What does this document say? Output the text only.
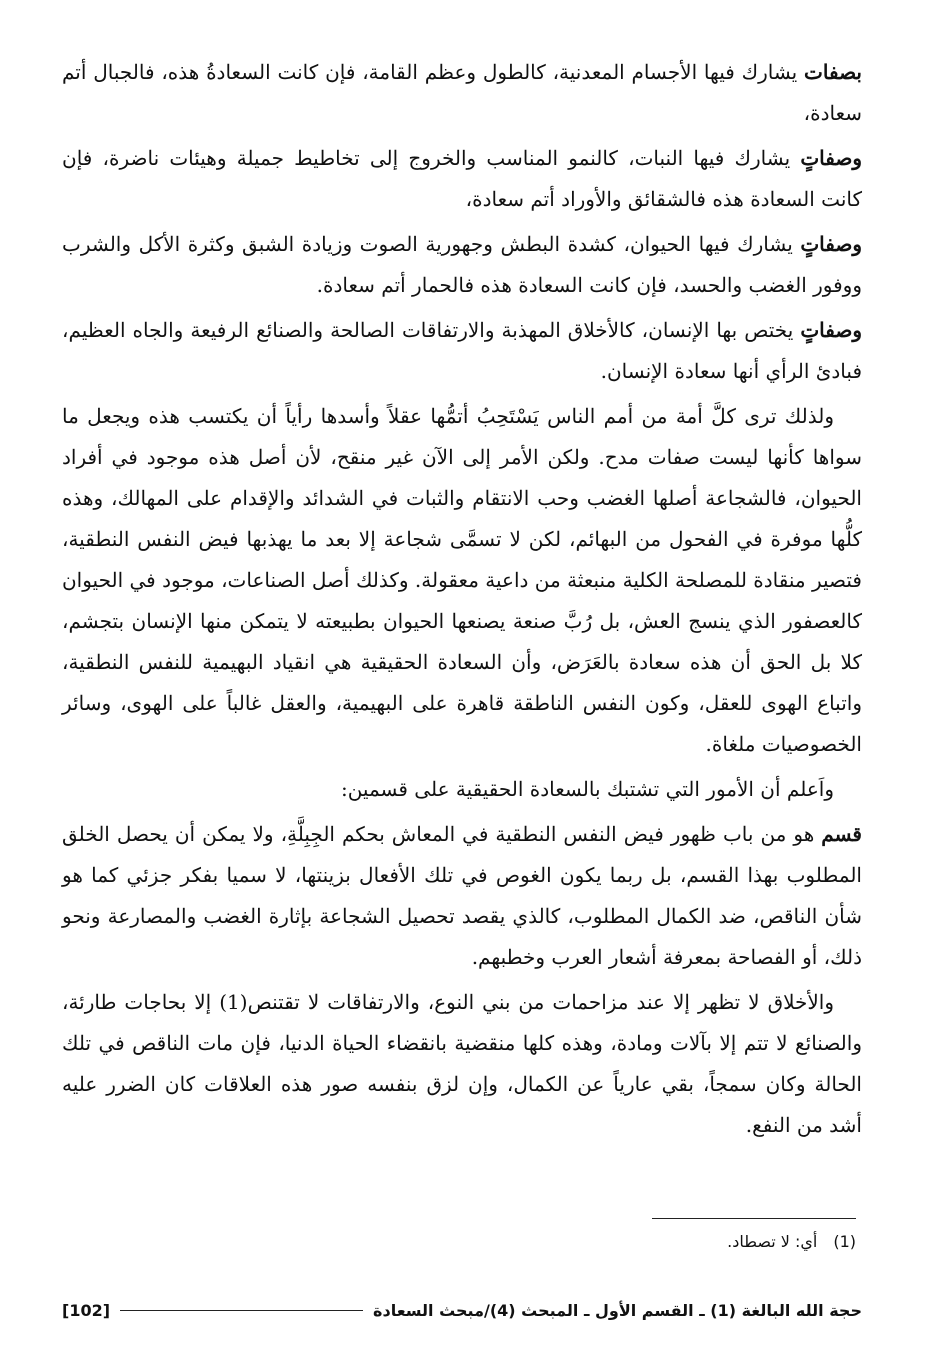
بصفات يشارك فيها الأجسام المعدنية، كالطول وعظم القامة، فإن كانت السعادةُ هذه، فالجبال أتم سعادة،

وصفاتٍ يشارك فيها النبات، كالنمو المناسب والخروج إلى تخاطيط جميلة وهيئات ناضرة، فإن كانت السعادة هذه فالشقائق والأوراد أتم سعادة،

وصفاتٍ يشارك فيها الحيوان، كشدة البطش وجهورية الصوت وزيادة الشبق وكثرة الأكل والشرب ووفور الغضب والحسد، فإن كانت السعادة هذه فالحمار أتم سعادة.

وصفاتٍ يختص بها الإنسان، كالأخلاق المهذبة والارتفاقات الصالحة والصنائع الرفيعة والجاه العظيم، فبادئ الرأي أنها سعادة الإنسان.

ولذلك ترى كلَّ أمة من أمم الناس يَسْتَحِبُ أتمُّها عقلاً وأسدها رأياً أن يكتسب هذه ويجعل ما سواها كأنها ليست صفات مدح. ولكن الأمر إلى الآن غير منقح، لأن أصل هذه موجود في أفراد الحيوان، فالشجاعة أصلها الغضب وحب الانتقام والثبات في الشدائد والإقدام على المهالك، وهذه كلُّها موفرة في الفحول من البهائم، لكن لا تسمَّى شجاعة إلا بعد ما يهذبها فيض النفس النطقية، فتصير منقادة للمصلحة الكلية منبعثة من داعية معقولة. وكذلك أصل الصناعات، موجود في الحيوان كالعصفور الذي ينسج العش، بل رُبَّ صنعة يصنعها الحيوان بطبيعته لا يتمكن منها الإنسان بتجشم، كلا بل الحق أن هذه سعادة بالعَرَض، وأن السعادة الحقيقية هي انقياد البهيمية للنفس النطقية، واتباع الهوى للعقل، وكون النفس الناطقة قاهرة على البهيمية، والعقل غالباً على الهوى، وسائر الخصوصيات ملغاة.

واَعلم أن الأمور التي تشتبك بالسعادة الحقيقية على قسمين:

قسم هو من باب ظهور فيض النفس النطقية في المعاش بحكم الجِبِلَّةِ، ولا يمكن أن يحصل الخلق المطلوب بهذا القسم، بل ربما يكون الغوص في تلك الأفعال بزينتها، لا سميا بفكر جزئي كما هو شأن الناقص، ضد الكمال المطلوب، كالذي يقصد تحصيل الشجاعة بإثارة الغضب والمصارعة ونحو ذلك، أو الفصاحة بمعرفة أشعار العرب وخطبهم.

والأخلاق لا تظهر إلا عند مزاحمات من بني النوع، والارتفاقات لا تقتنص(1) إلا بحاجات طارئة، والصنائع لا تتم إلا بآلات ومادة، وهذه كلها منقضية بانقضاء الحياة الدنيا، فإن مات الناقص في تلك الحالة وكان سمجاً، بقي عارياً عن الكمال، وإن لزق بنفسه صور هذه العلاقات كان الضرر عليه أشد من النفع.

(1)أي: لا تصطاد.
حجة الله البالغة (1) ـ القسم الأول ـ المبحث (4)/مبحث السعادة
[102]
